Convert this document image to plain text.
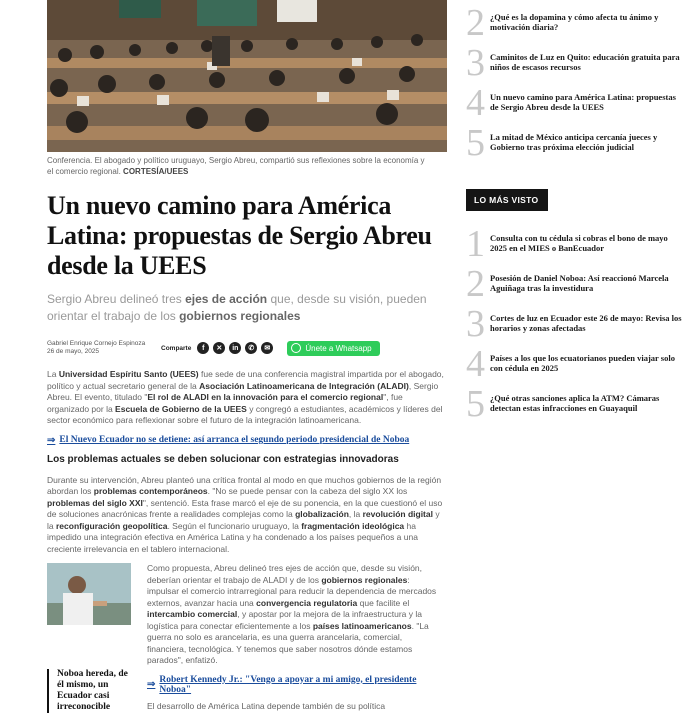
Conferencia. El abogado y político uruguayo, Sergio Abreu, compartió sus reflexiones sobre la economía y el comercio regional. CORTESÍA/UEES

Un nuevo camino para América Latina: propuestas de Sergio Abreu desde la UEES

Sergio Abreu delineó tres ejes de acción que, desde su visión, pueden orientar el trabajo de los gobiernos regionales

Gabriel Enrique Cornejo Espinoza
26 de mayo, 2025	Comparte	f	✕	in	✆	✉	Únete a Whatsapp

La Universidad Espíritu Santo (UEES) fue sede de una conferencia magistral impartida por el abogado, político y actual secretario general de la Asociación Latinoamericana de Integración (ALADI), Sergio Abreu. El evento, titulado "El rol de ALADI en la innovación para el comercio regional", fue organizado por la Escuela de Gobierno de la UEES y congregó a estudiantes, académicos y líderes del sector económico para reflexionar sobre el futuro de la integración latinoamericana.

⇒ El Nuevo Ecuador no se detiene: así arranca el segundo periodo presidencial de Noboa
Los problemas actuales se deben solucionar con estrategias innovadoras

Durante su intervención, Abreu planteó una crítica frontal al modo en que muchos gobiernos de la región abordan los problemas contemporáneos. "No se puede pensar con la cabeza del siglo XX los problemas del siglo XXI", sentenció. Esta frase marcó el eje de su ponencia, en la que cuestionó el uso de soluciones anacrónicas frente a realidades complejas como la globalización, la revolución digital y la reconfiguración geopolítica. Según el funcionario uruguayo, la fragmentación ideológica ha impedido una integración efectiva en América Latina y ha condenado a los países pequeños a una creciente irrelevancia en el tablero internacional.

Noboa hereda, de él mismo, un Ecuador casi irreconocible

Como propuesta, Abreu delineó tres ejes de acción que, desde su visión, deberían orientar el trabajo de ALADI y de los gobiernos regionales: impulsar el comercio intrarregional para reducir la dependencia de mercados externos, avanzar hacia una convergencia regulatoria que facilite el intercambio comercial, y apostar por la mejora de la infraestructura y la logística para conectar eficientemente a los países latinoamericanos. "La guerra no solo es arancelaria, es una guerra arancelaria, comercial, financiera, tecnológica. Y tenemos que saber nosotros dónde estamos parados", enfatizó.

⇒ Robert Kennedy Jr.: "Vengo a apoyar a mi amigo, el presidente Noboa"

El desarrollo de América Latina depende también de su política

2 ¿Qué es la dopamina y cómo afecta tu ánimo y motivación diaria?
3 Caminitos de Luz en Quito: educación gratuita para niños de escasos recursos
4 Un nuevo camino para América Latina: propuestas de Sergio Abreu desde la UEES
5 La mitad de México anticipa cercanía jueces y Gobierno tras próxima elección judicial
LO MÁS VISTO
1 Consulta con tu cédula si cobras el bono de mayo 2025 en el MIES o BanEcuador
2 Posesión de Daniel Noboa: Así reaccionó Marcela Aguiñaga tras la investidura
3 Cortes de luz en Ecuador este 26 de mayo: Revisa los horarios y zonas afectadas
4 Países a los que los ecuatorianos pueden viajar solo con cédula en 2025
5 ¿Qué otras sanciones aplica la ATM? Cámaras detectan estas infracciones en Guayaquil
